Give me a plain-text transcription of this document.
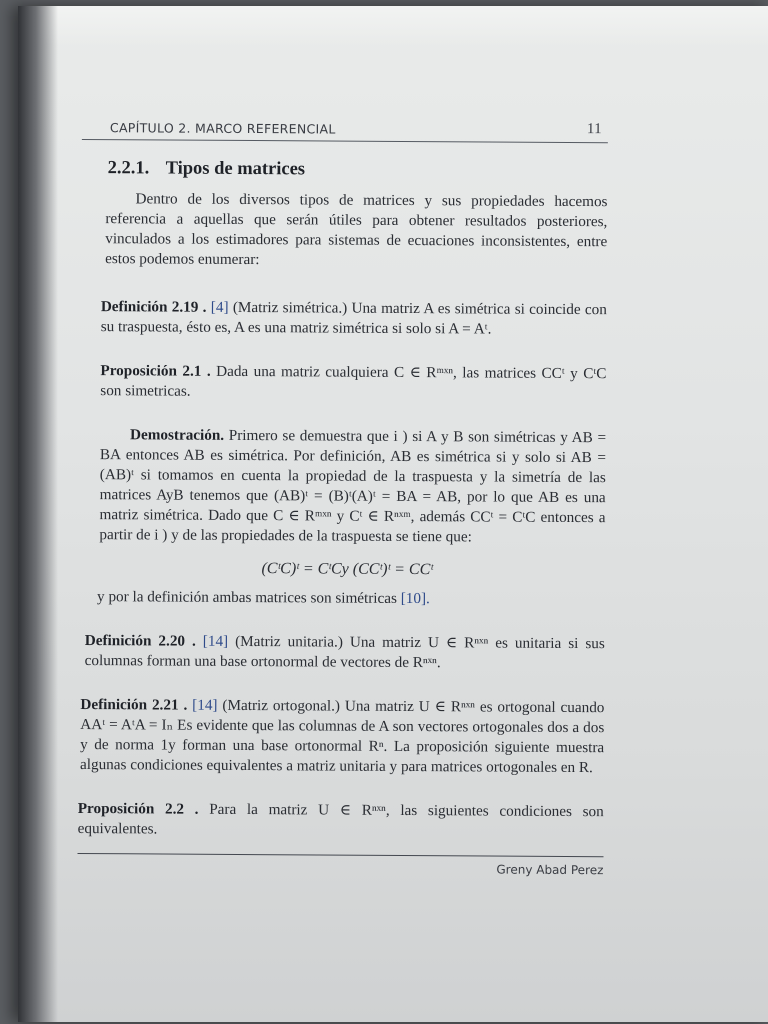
CAPÍTULO 2. MARCO REFERENCIAL	11
2.2.1. Tipos de matrices

Dentro de los diversos tipos de matrices y sus propiedades hacemos referencia a aquellas que serán útiles para obtener resultados posteriores, vinculados a los estimadores para sistemas de ecuaciones inconsistentes, entre estos podemos enumerar:

Definición 2.19 . [4] (Matriz simétrica.) Una matriz A es simétrica si coincide con su traspuesta, ésto es, A es una matriz simétrica si solo si A = Aᵗ.

Proposición 2.1 . Dada una matriz cualquiera C ∈ Rᵐˣⁿ, las matrices CCᵗ y CᵗC son simetricas.

Demostración. Primero se demuestra que i ) si A y B son simétricas y AB = BA entonces AB es simétrica. Por definición, AB es simétrica si y solo si AB = (AB)ᵗ si tomamos en cuenta la propiedad de la traspuesta y la simetría de las matrices AyB tenemos que (AB)ᵗ = (B)ᵗ(A)ᵗ = BA = AB, por lo que AB es una matriz simétrica. Dado que C ∈ Rᵐˣⁿ y Cᵗ ∈ Rⁿˣᵐ, además CCᵗ = CᵗC entonces a partir de i ) y de las propiedades de la traspuesta se tiene que:

(CᵗC)ᵗ = CᵗCy (CCᵗ)ᵗ = CCᵗ

y por la definición ambas matrices son simétricas [10].

Definición 2.20 . [14] (Matriz unitaria.) Una matriz U ∈ Rⁿˣⁿ es unitaria si sus columnas forman una base ortonormal de vectores de Rⁿˣⁿ.

Definición 2.21 . [14] (Matriz ortogonal.) Una matriz U ∈ Rⁿˣⁿ es ortogonal cuando AAᵗ = AᵗA = Iₙ Es evidente que las columnas de A son vectores ortogonales dos a dos y de norma 1y forman una base ortonormal Rⁿ. La proposición siguiente muestra algunas condiciones equivalentes a matriz unitaria y para matrices ortogonales en R.

Proposición 2.2 . Para la matriz U ∈ Rⁿˣⁿ, las siguientes condiciones son equivalentes.

Greny Abad Perez
